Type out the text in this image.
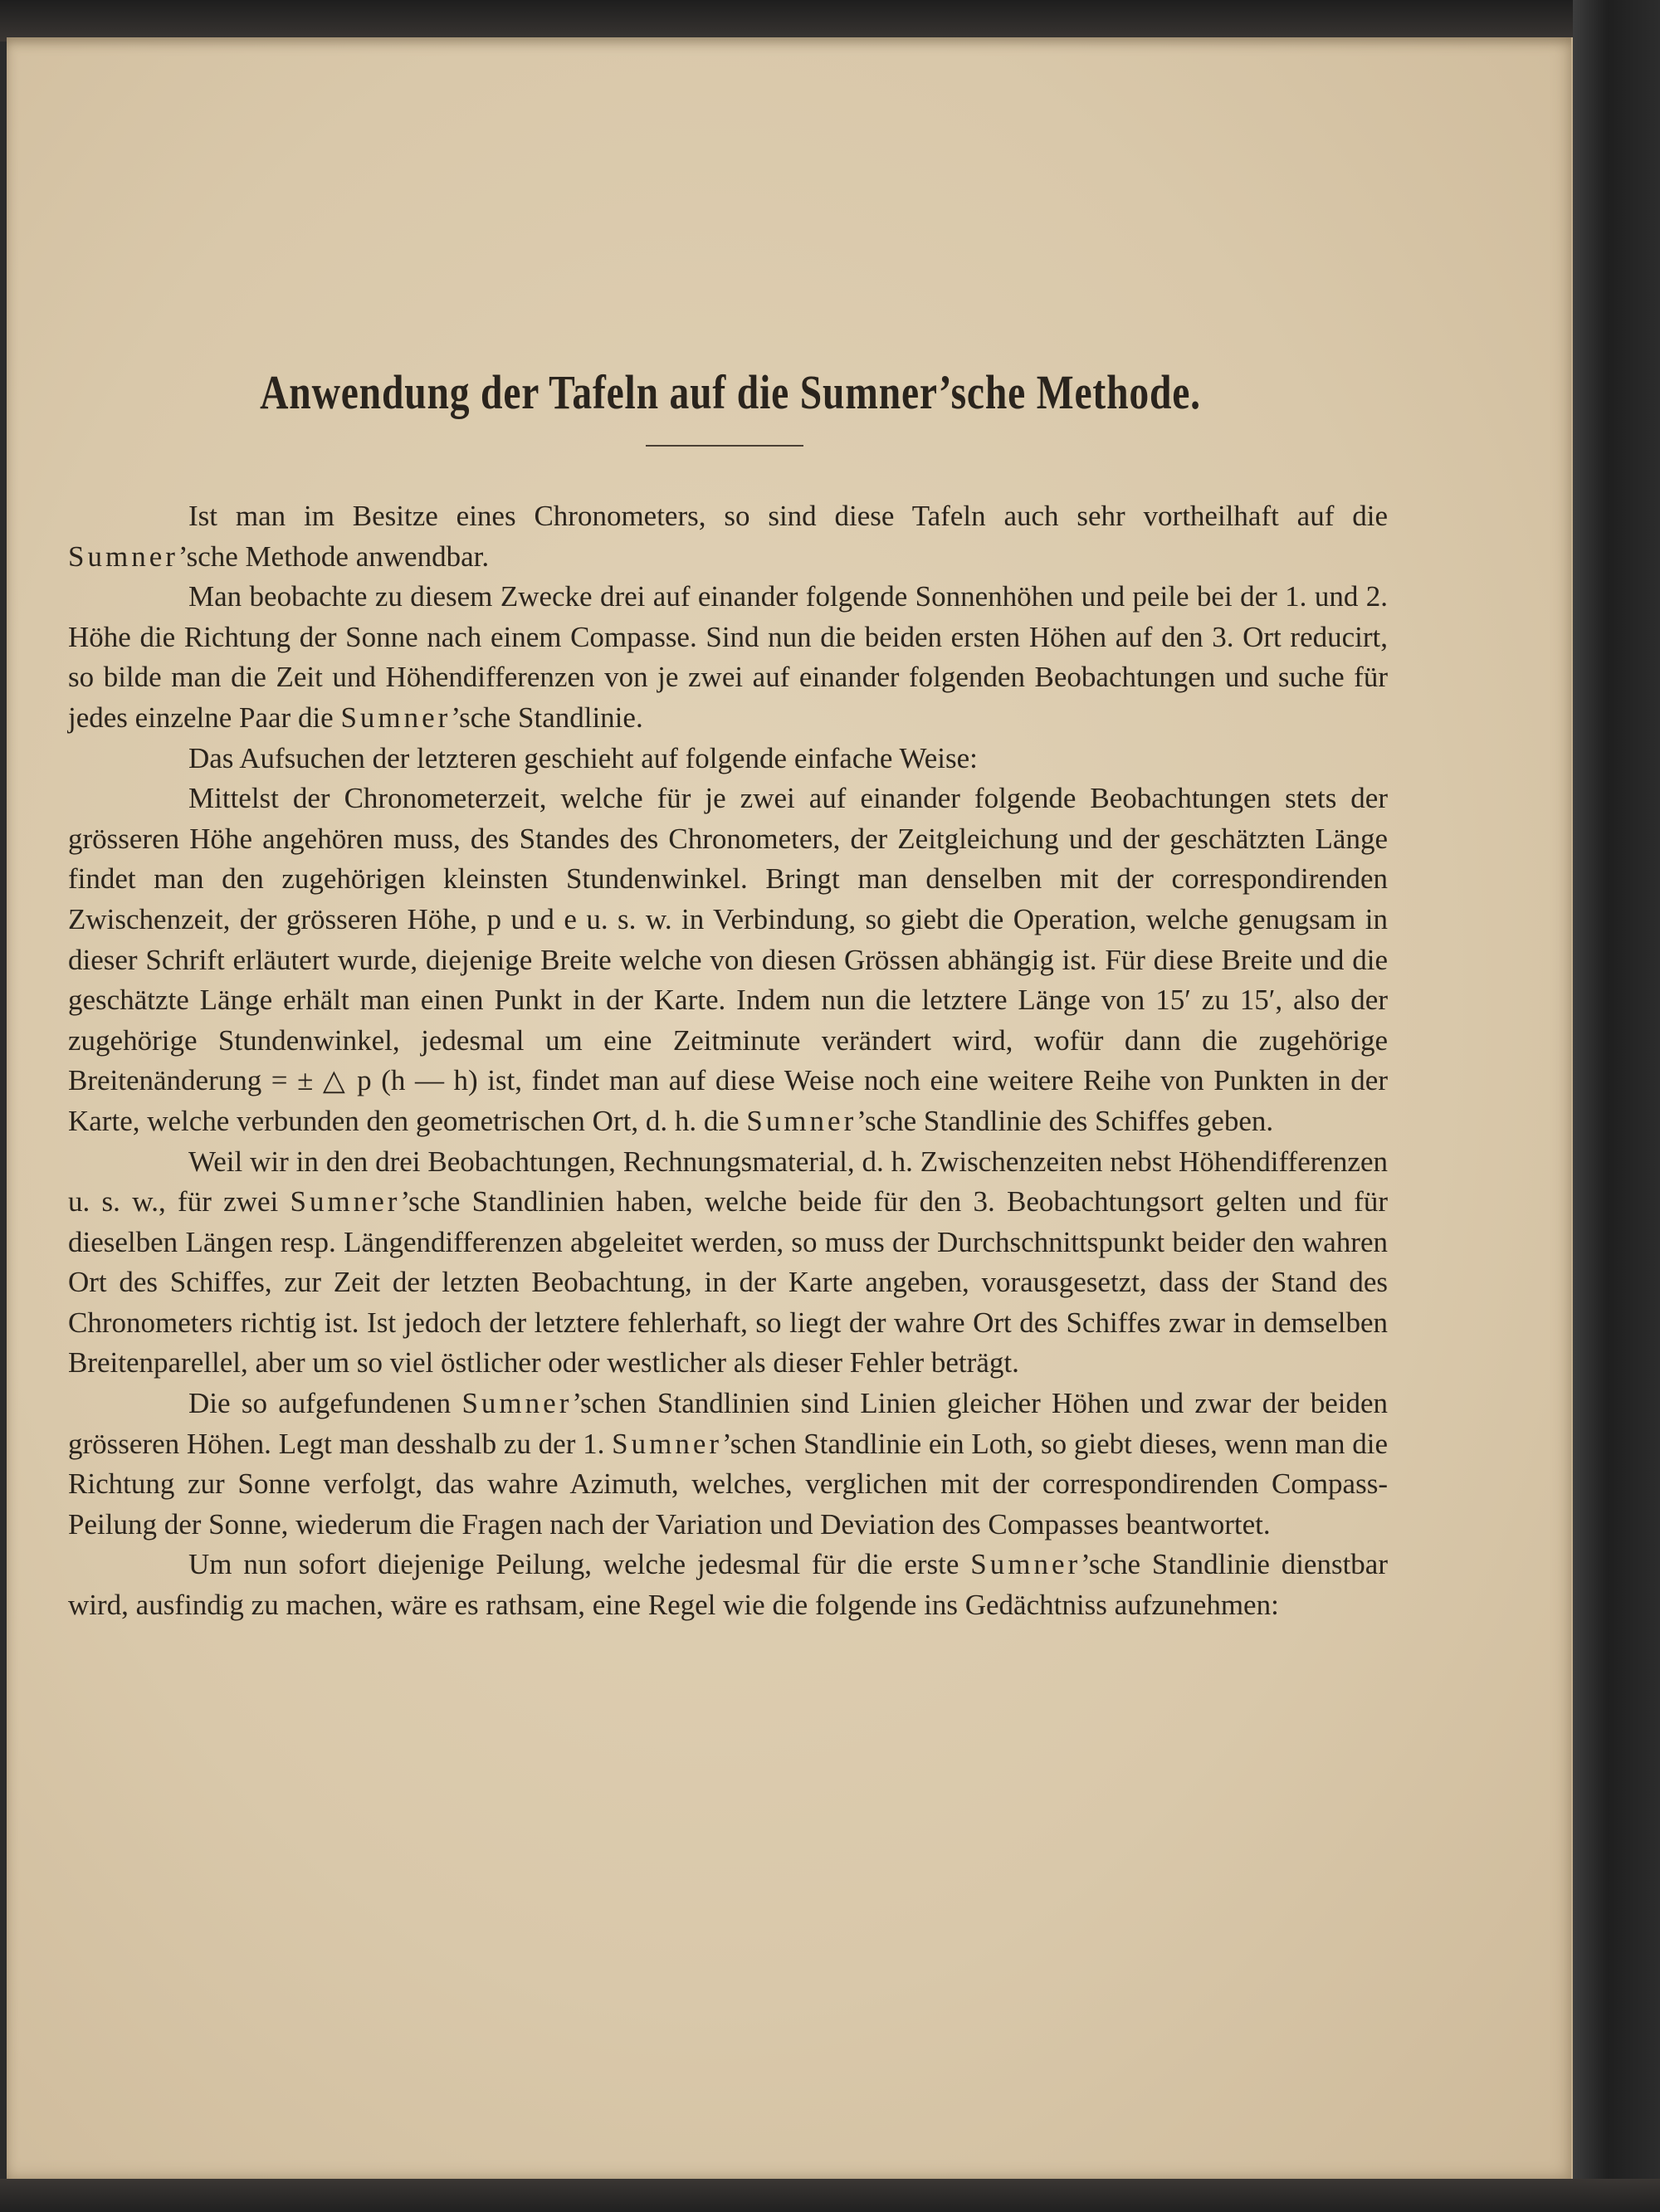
Anwendung der Tafeln auf die Sumner’sche Methode.

Ist man im Besitze eines Chronometers, so sind diese Tafeln auch sehr vortheilhaft auf die Sumner’sche Methode anwendbar.

Man beobachte zu diesem Zwecke drei auf einander folgende Sonnenhöhen und peile bei der 1. und 2. Höhe die Richtung der Sonne nach einem Compasse. Sind nun die beiden ersten Höhen auf den 3. Ort reducirt, so bilde man die Zeit und Höhendifferenzen von je zwei auf einander folgenden Beobachtungen und suche für jedes einzelne Paar die Sumner’sche Standlinie.

Das Aufsuchen der letzteren geschieht auf folgende einfache Weise:

Mittelst der Chronometerzeit, welche für je zwei auf einander folgende Beobachtungen stets der grösseren Höhe angehören muss, des Standes des Chronometers, der Zeitgleichung und der geschätzten Länge findet man den zugehörigen kleinsten Stundenwinkel. Bringt man denselben mit der correspondirenden Zwischenzeit, der grösseren Höhe, p und e u. s. w. in Verbindung, so giebt die Operation, welche genugsam in dieser Schrift erläutert wurde, diejenige Breite welche von diesen Grössen abhängig ist. Für diese Breite und die geschätzte Länge erhält man einen Punkt in der Karte. Indem nun die letztere Länge von 15′ zu 15′, also der zugehörige Stundenwinkel, jedesmal um eine Zeitminute verändert wird, wofür dann die zugehörige Breitenänderung = ± △ p (h — h) ist, findet man auf diese Weise noch eine weitere Reihe von Punkten in der Karte, welche verbunden den geometrischen Ort, d. h. die Sumner’sche Standlinie des Schiffes geben.

Weil wir in den drei Beobachtungen, Rechnungsmaterial, d. h. Zwischenzeiten nebst Höhendifferenzen u. s. w., für zwei Sumner’sche Standlinien haben, welche beide für den 3. Beobachtungsort gelten und für dieselben Längen resp. Längendifferenzen abgeleitet werden, so muss der Durchschnittspunkt beider den wahren Ort des Schiffes, zur Zeit der letzten Beobachtung, in der Karte angeben, vorausgesetzt, dass der Stand des Chronometers richtig ist. Ist jedoch der letztere fehlerhaft, so liegt der wahre Ort des Schiffes zwar in demselben Breitenparellel, aber um so viel östlicher oder westlicher als dieser Fehler beträgt.

Die so aufgefundenen Sumner’schen Standlinien sind Linien gleicher Höhen und zwar der beiden grösseren Höhen. Legt man desshalb zu der 1. Sumner’schen Standlinie ein Loth, so giebt dieses, wenn man die Richtung zur Sonne verfolgt, das wahre Azimuth, welches, verglichen mit der correspondirenden Compass-Peilung der Sonne, wiederum die Fragen nach der Variation und Deviation des Compasses beantwortet.

Um nun sofort diejenige Peilung, welche jedesmal für die erste Sumner’sche Standlinie dienstbar wird, ausfindig zu machen, wäre es rathsam, eine Regel wie die folgende ins Gedächtniss aufzunehmen:
